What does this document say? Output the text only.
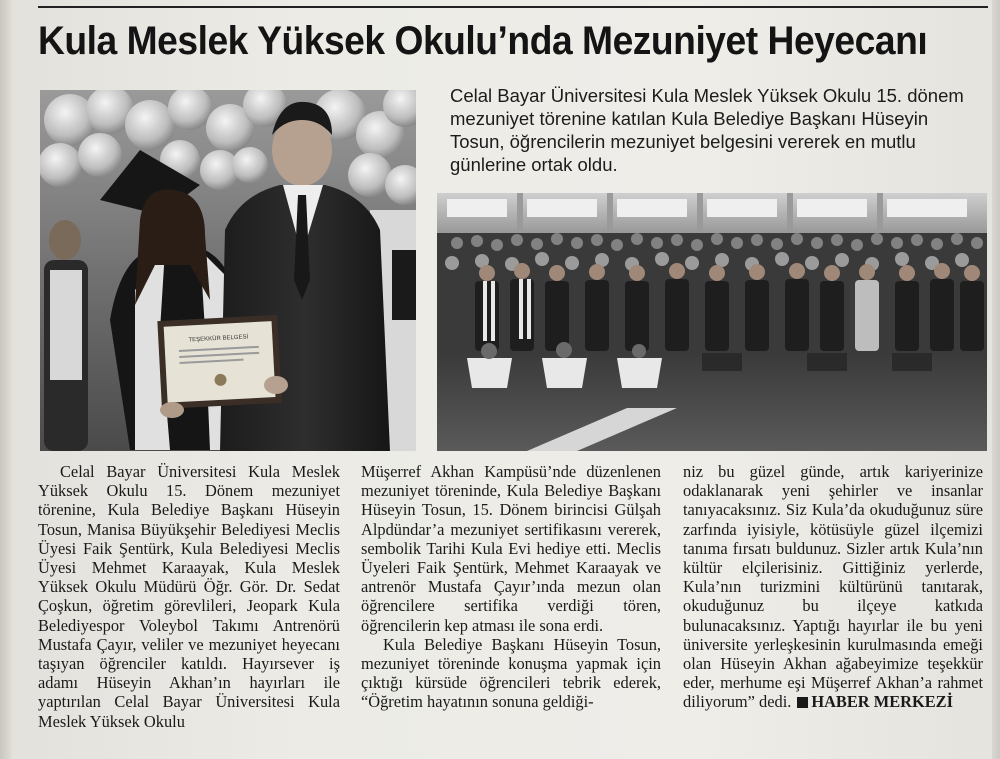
Kula Meslek Yüksek Okulu’nda Mezuniyet Heyecanı

Celal Bayar Üniversitesi Kula Meslek Yüksek Okulu 15. dönem mezuniyet törenine katılan Kula Belediye Başkanı Hüseyin Tosun, öğrencilerin mezuniyet belgesini vererek en mutlu günlerine ortak oldu.

TEŞEKKÜR BELGESİ

Celal Bayar Üniversitesi Kula Meslek Yüksek Okulu 15. Dönem mezuniyet törenine, Kula Belediye Başkanı Hüseyin Tosun, Manisa Büyükşehir Belediyesi Meclis Üyesi Faik Şentürk, Kula Belediyesi Meclis Üyesi Mehmet Karaayak, Kula Meslek Yüksek Okulu Müdürü Öğr. Gör. Dr. Sedat Çoşkun, öğretim görevlileri, Jeopark Kula Belediyespor Voleybol Takımı Antrenörü Mustafa Çayır, veliler ve mezuniyet heyecanı taşıyan öğrenciler katıldı. Hayırsever iş adamı Hüseyin Akhan’ın hayırları ile yaptırılan Celal Bayar Üniversitesi Kula Meslek Yüksek Okulu

Müşerref Akhan Kampüsü’nde düzenlenen mezuniyet töreninde, Kula Belediye Başkanı Hüseyin Tosun, 15. Dönem birincisi Gülşah Alpdündar’a mezuniyet sertifikasını vererek, sembolik Tarihi Kula Evi hediye etti. Meclis Üyeleri Faik Şentürk, Mehmet Karaayak ve antrenör Mustafa Çayır’ında mezun olan öğrencilere sertifika verdiği tören, öğrencilerin kep atması ile sona erdi.

Kula Belediye Başkanı Hüseyin Tosun, mezuniyet töreninde konuşma yapmak için çıktığı kürsüde öğrencileri tebrik ederek, “Öğretim hayatının sonuna geldiği-

niz bu güzel günde, artık kariyerinize odaklanarak yeni şehirler ve insanlar tanıyacaksınız. Siz Kula’da okuduğunuz süre zarfında iyisiyle, kötüsüyle güzel ilçemizi tanıma fırsatı buldunuz. Sizler artık Kula’nın kültür elçilerisiniz. Gittiğiniz yerlerde, Kula’nın turizmini kültürünü tanıtarak, okuduğunuz bu ilçeye katkıda bulunacaksınız. Yaptığı hayırlar ile bu yeni üniversite yerleşkesinin kurulmasında emeği olan Hüseyin Akhan ağabeyimize teşekkür eder, merhume eşi Müşerref Akhan’a rahmet diliyorum” dedi. HABER MERKEZİ
